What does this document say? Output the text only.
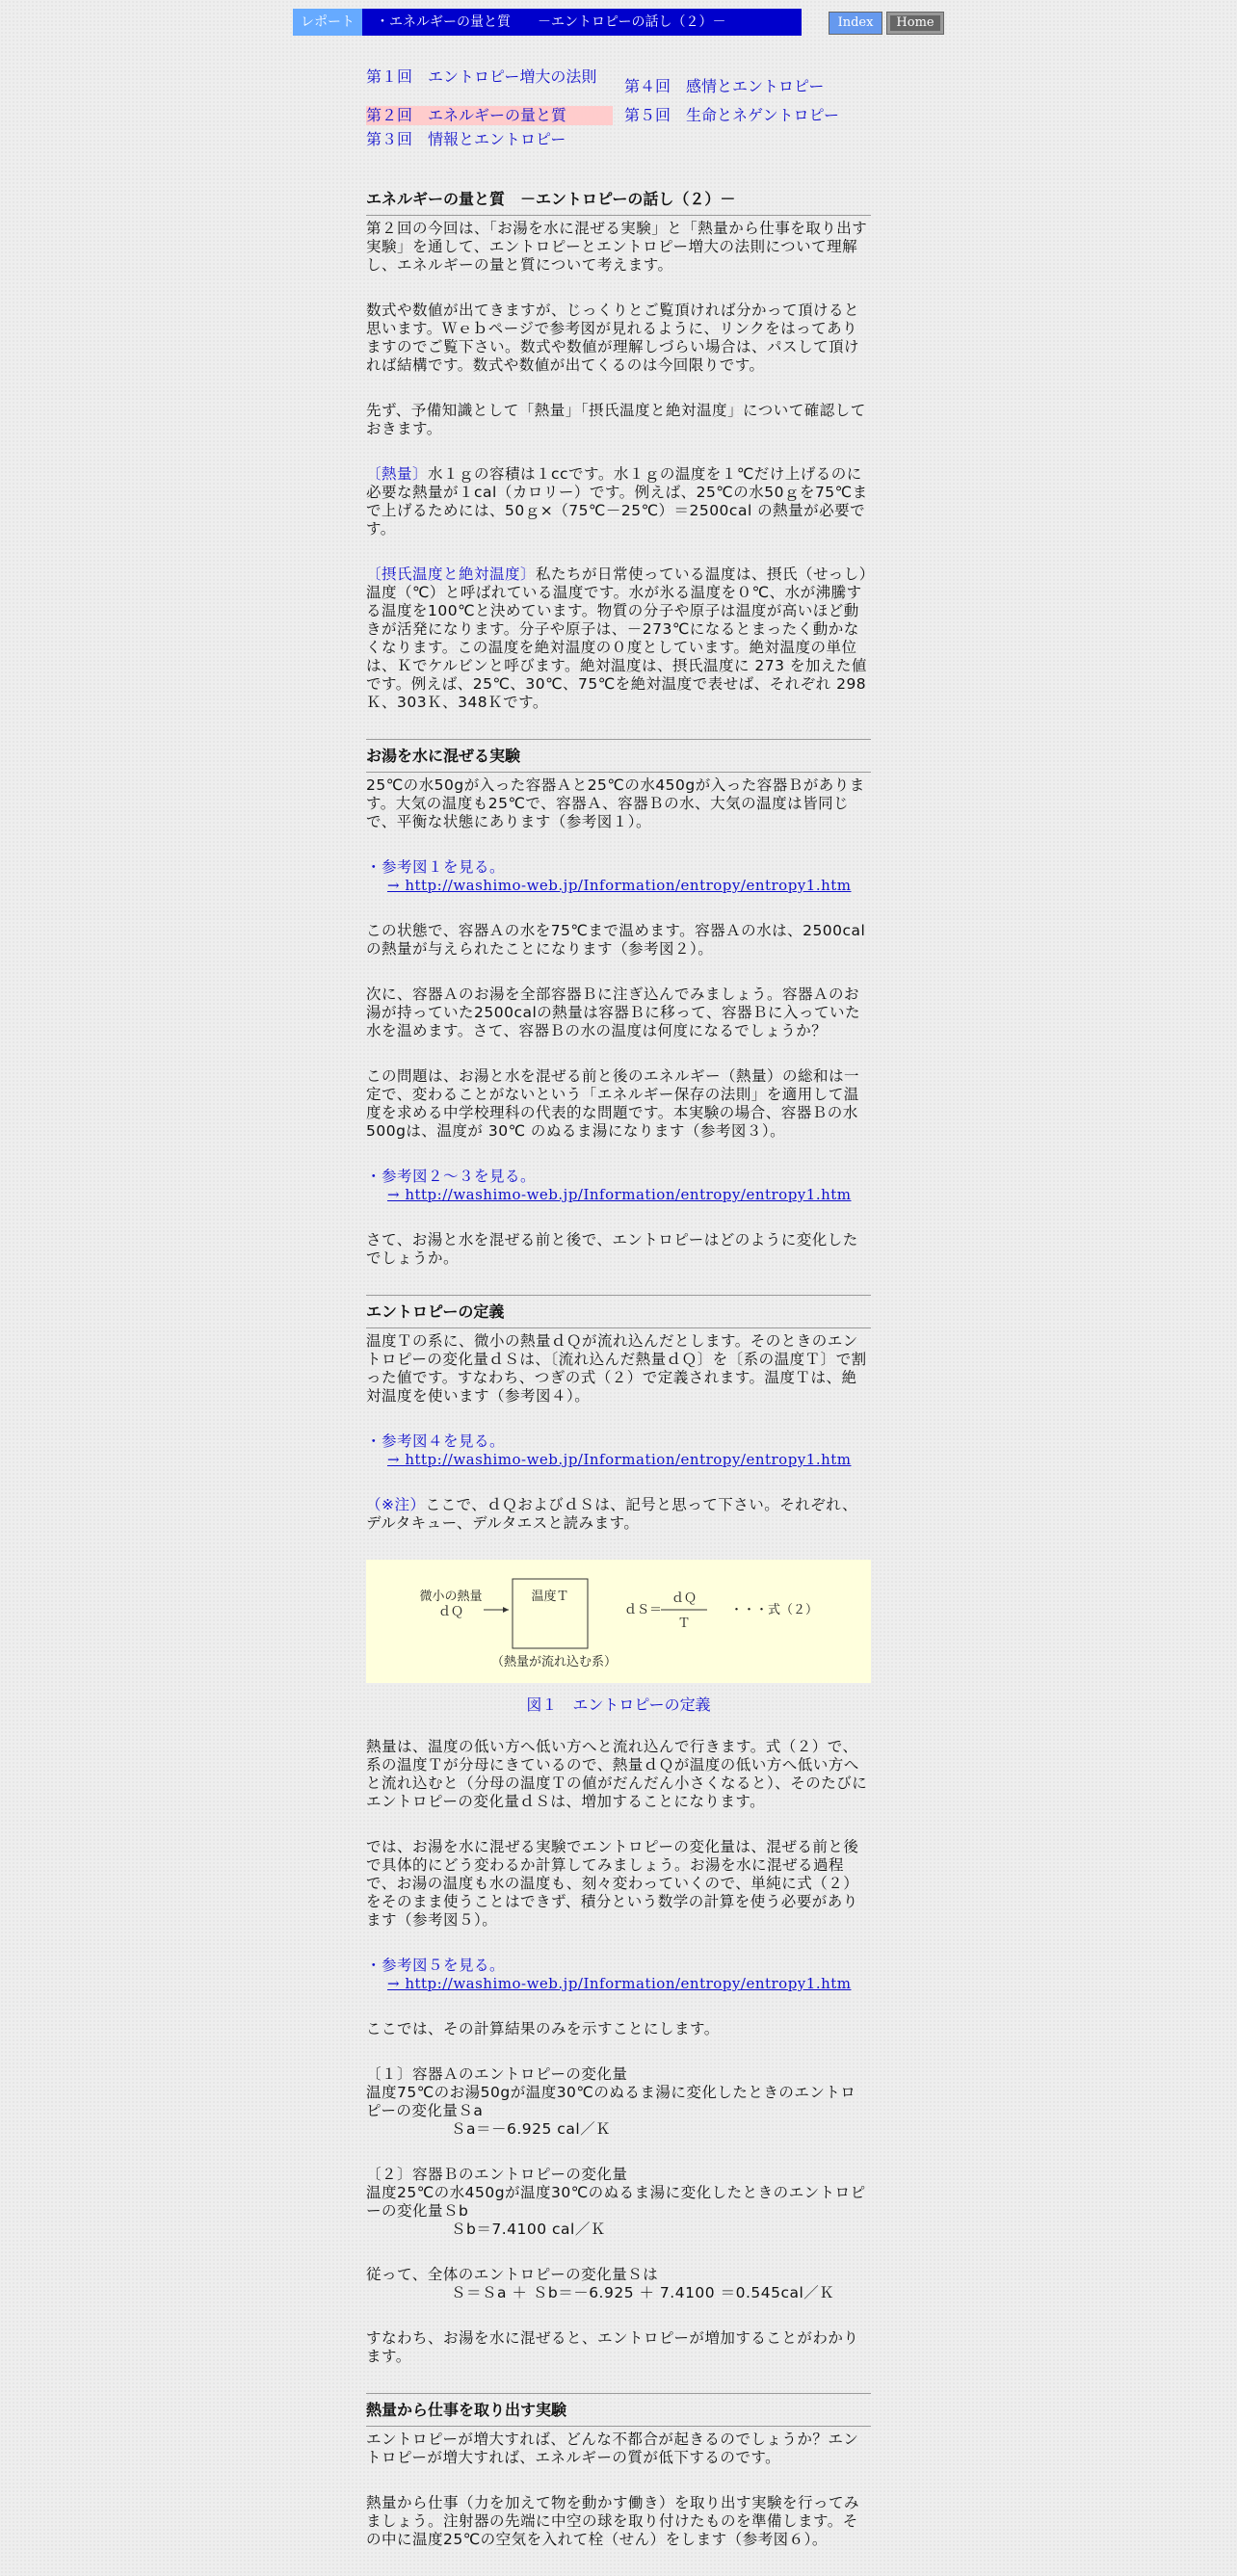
レポート	・エネルギーの量と質　　－エントロピーの話し（２）－	Index	Home
第１回　エントロピー増大の法則
第２回　エネルギーの量と質
第３回　情報とエントロピー
第４回　感情とエントロピー
第５回　生命とネゲントロピー
エネルギーの量と質　－エントロピーの話し（２）－

第２回の今回は、「お湯を水に混ぜる実験」と「熱量から仕事を取り出す実験」を通して、エントロピーとエントロピー増大の法則について理解し、エネルギーの量と質について考えます。

数式や数値が出てきますが、じっくりとご覧頂ければ分かって頂けると思います。Ｗｅｂページで参考図が見れるように、リンクをはってありますのでご覧下さい。数式や数値が理解しづらい場合は、パスして頂ければ結構です。数式や数値が出てくるのは今回限りです。

先ず、予備知識として「熱量」「摂氏温度と絶対温度」について確認しておきます。

〔熱量〕水１ｇの容積は１ccです。水１ｇの温度を１℃だけ上げるのに必要な熱量が１cal（カロリー）です。例えば、25℃の水50ｇを75℃まで上げるためには、50ｇ×（75℃－25℃）＝2500cal の熱量が必要です。

〔摂氏温度と絶対温度〕私たちが日常使っている温度は、摂氏（せっし）温度（℃）と呼ばれている温度です。水が氷る温度を０℃、水が沸騰する温度を100℃と決めています。物質の分子や原子は温度が高いほど動きが活発になります。分子や原子は、－273℃になるとまったく動かなくなります。この温度を絶対温度の０度としています。絶対温度の単位は、Ｋでケルビンと呼びます。絶対温度は、摂氏温度に 273 を加えた値です。例えば、25℃、30℃、75℃を絶対温度で表せば、それぞれ 298Ｋ、303Ｋ、348Ｋです。

お湯を水に混ぜる実験

25℃の水50gが入った容器Ａと25℃の水450gが入った容器Ｂがあります。大気の温度も25℃で、容器Ａ、容器Ｂの水、大気の温度は皆同じで、平衡な状態にあります（参考図１）。

・参考図１を見る。
→ http://washimo-web.jp/Information/entropy/entropy1.htm

この状態で、容器Ａの水を75℃まで温めます。容器Ａの水は、2500calの熱量が与えられたことになります（参考図２）。

次に、容器Ａのお湯を全部容器Ｂに注ぎ込んでみましょう。容器Ａのお湯が持っていた2500calの熱量は容器Ｂに移って、容器Ｂに入っていた水を温めます。さて、容器Ｂの水の温度は何度になるでしょうか？

この問題は、お湯と水を混ぜる前と後のエネルギー（熱量）の総和は一定で、変わることがないという「エネルギー保存の法則」を適用して温度を求める中学校理科の代表的な問題です。本実験の場合、容器Ｂの水500gは、温度が 30℃ のぬるま湯になります（参考図３）。

・参考図２～３を見る。
→ http://washimo-web.jp/Information/entropy/entropy1.htm

さて、お湯と水を混ぜる前と後で、エントロピーはどのように変化したでしょうか。

エントロピーの定義

温度Ｔの系に、微小の熱量ｄＱが流れ込んだとします。そのときのエントロピーの変化量ｄＳは、〔流れ込んだ熱量ｄＱ〕を〔系の温度Ｔ〕で割った値です。すなわち、つぎの式（２）で定義されます。温度Ｔは、絶対温度を使います（参考図４）。

・参考図４を見る。
→ http://washimo-web.jp/Information/entropy/entropy1.htm

（※注）ここで、ｄＱおよびｄＳは、記号と思って下さい。それぞれ、デルタキュー、デルタエスと読みます。

微小の熱量
ｄＱ
温度Ｔ
ｄＳ＝
ｄＱ
Ｔ
・・・式（２）
（熱量が流れ込む系）
図１　エントロピーの定義

熱量は、温度の低い方へ低い方へと流れ込んで行きます。式（２）で、系の温度Ｔが分母にきているので、熱量ｄＱが温度の低い方へ低い方へと流れ込むと（分母の温度Ｔの値がだんだん小さくなると）、そのたびにエントロピーの変化量ｄＳは、増加することになります。

では、お湯を水に混ぜる実験でエントロピーの変化量は、混ぜる前と後で具体的にどう変わるか計算してみましょう。お湯を水に混ぜる過程で、お湯の温度も水の温度も、刻々変わっていくので、単純に式（２）をそのまま使うことはできず、積分という数学の計算を使う必要があります（参考図５）。

・参考図５を見る。
→ http://washimo-web.jp/Information/entropy/entropy1.htm

ここでは、その計算結果のみを示すことにします。

〔１〕容器Ａのエントロピーの変化量
温度75℃のお湯50gが温度30℃のぬるま湯に変化したときのエントロピーの変化量Ｓa
Ｓa＝－6.925 cal／Ｋ

〔２〕容器Ｂのエントロピーの変化量
温度25℃の水450gが温度30℃のぬるま湯に変化したときのエントロピーの変化量Ｓb
Ｓb＝7.4100 cal／Ｋ

従って、全体のエントロピーの変化量Ｓは
Ｓ＝Ｓa ＋ Ｓb＝－6.925 ＋ 7.4100 ＝0.545cal／Ｋ

すなわち、お湯を水に混ぜると、エントロピーが増加することがわかります。

熱量から仕事を取り出す実験

エントロピーが増大すれば、どんな不都合が起きるのでしょうか？エントロピーが増大すれば、エネルギーの質が低下するのです。

熱量から仕事（力を加えて物を動かす働き）を取り出す実験を行ってみましょう。注射器の先端に中空の球を取り付けたものを準備します。その中に温度25℃の空気を入れて栓（せん）をします（参考図６）。
